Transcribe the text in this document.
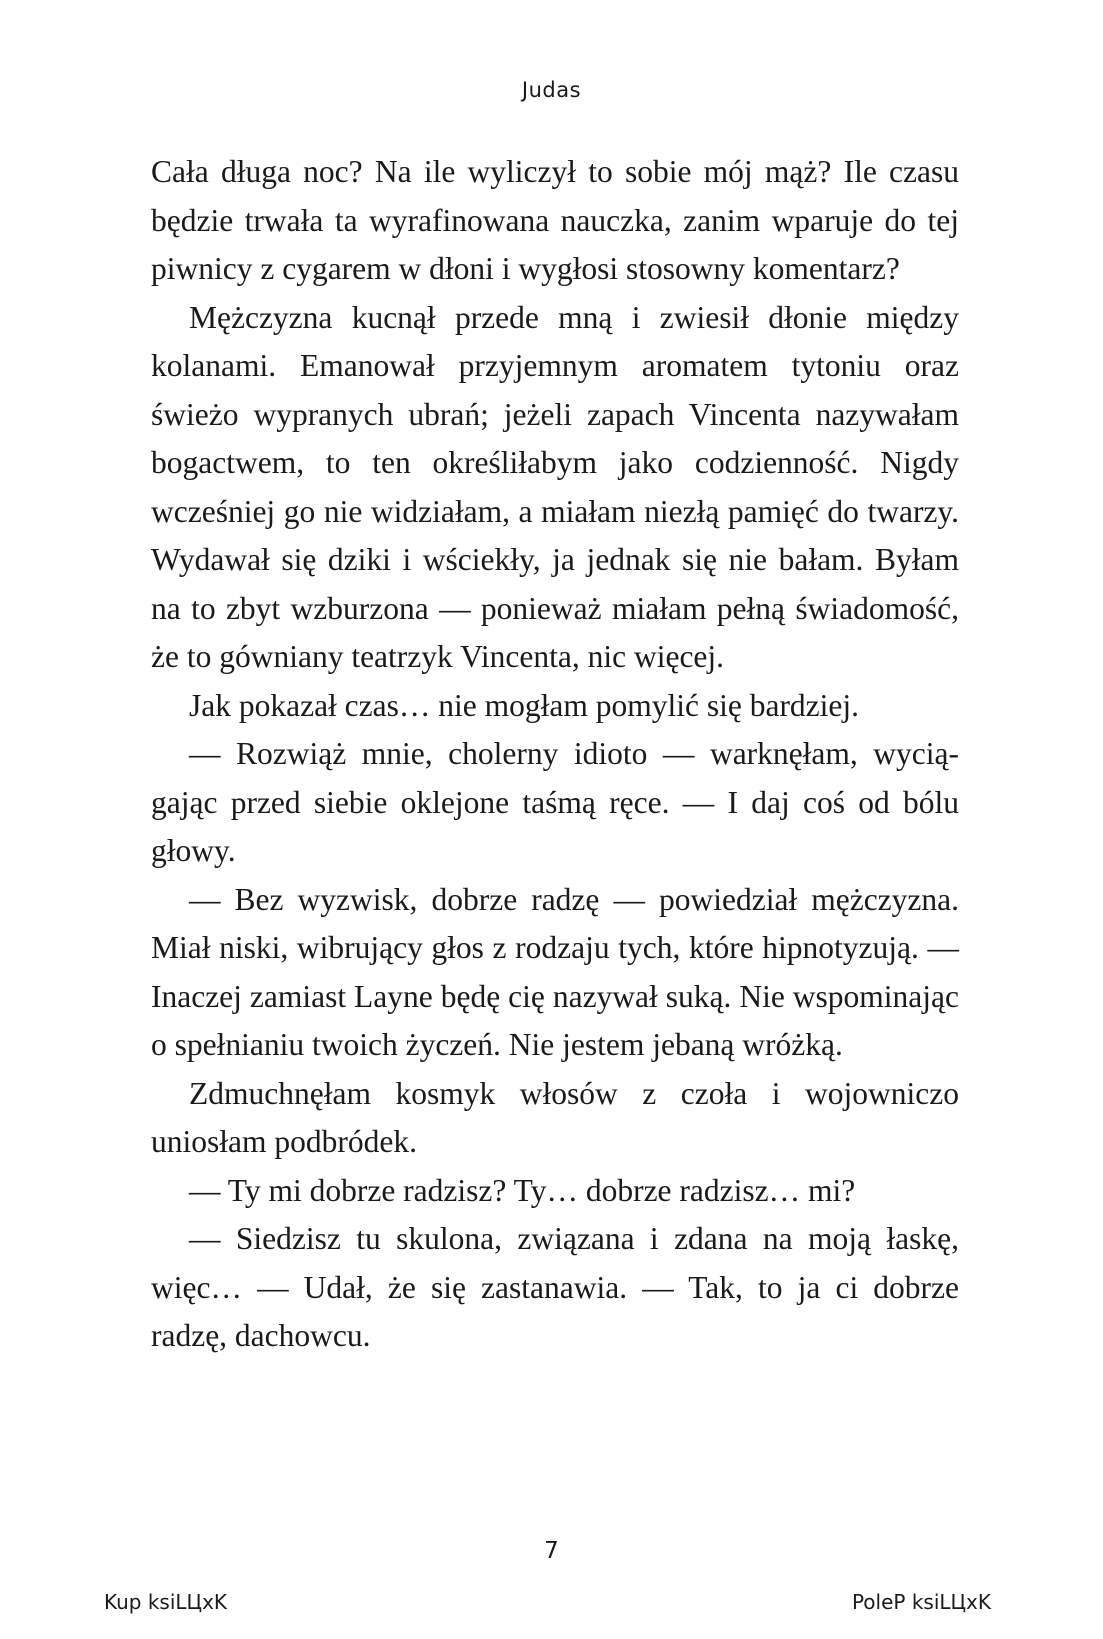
Judas

Cała długa noc? Na ile wyliczył to sobie mój mąż? Ile czasu będzie trwała ta wyrafinowana nauczka, zanim wparuje do tej piwnicy z cygarem w dłoni i wygłosi stosowny komentarz?

Mężczyzna kucnął przede mną i zwiesił dłonie między kolanami. Emanował przyjemnym aromatem tytoniu oraz świeżo wypranych ubrań; jeżeli zapach Vincenta nazywałam bogactwem, to ten określiłabym jako codzienność. Nigdy wcześniej go nie widziałam, a miałam niezłą pamięć do twarzy. Wydawał się dziki i wściekły, ja jednak się nie bałam. Byłam na to zbyt wzburzona — ponieważ miałam pełną świadomość, że to gówniany teatrzyk Vincenta, nic więcej.

Jak pokazał czas… nie mogłam pomylić się bardziej.

— Rozwiąż mnie, cholerny idioto — warknęłam, wyciągając przed siebie oklejone taśmą ręce. — I daj coś od bólu głowy.

— Bez wyzwisk, dobrze radzę — powiedział mężczyzna. Miał niski, wibrujący głos z rodzaju tych, które hipnotyzują. — Inaczej zamiast Layne będę cię nazywał suką. Nie wspominając o spełnianiu twoich życzeń. Nie jestem jebaną wróżką.

Zdmuchnęłam kosmyk włosów z czoła i wojowniczo uniosłam podbródek.

— Ty mi dobrze radzisz? Ty… dobrze radzisz… mi?

— Siedzisz tu skulona, związana i zdana na moją łaskę, więc… — Udał, że się zastanawia. — Tak, to ja ci dobrze radzę, dachowcu.

7
Kup ksiLЦxK	PoleP ksiLЦxK
